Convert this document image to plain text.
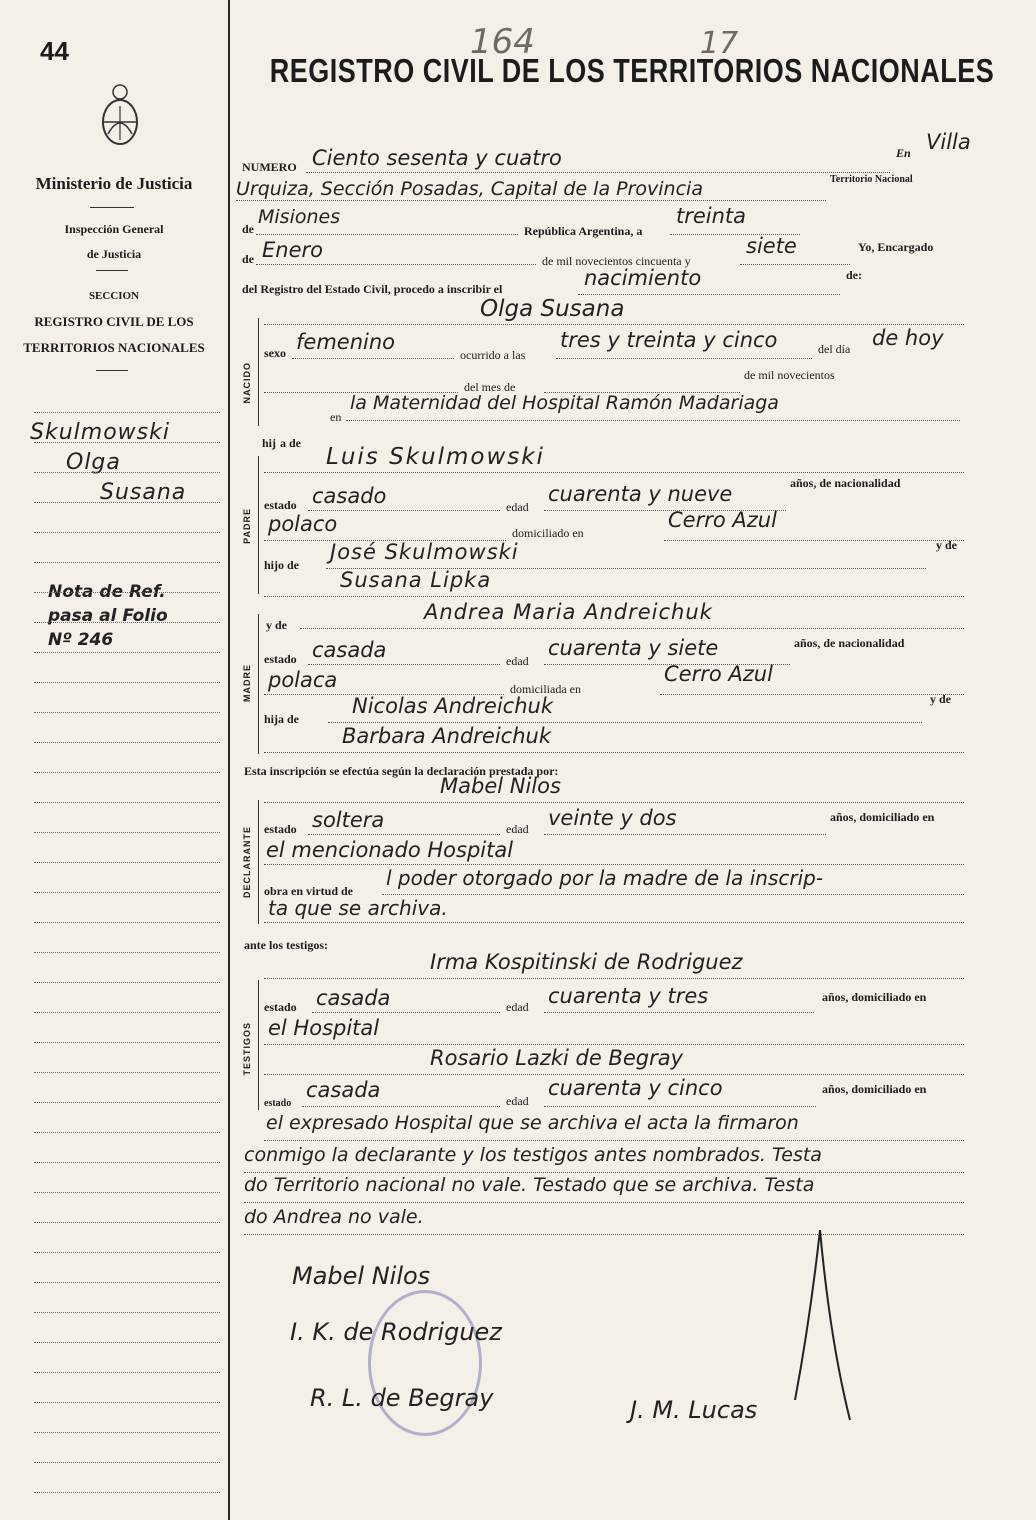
44
Ministerio de Justicia
Inspección General
de Justicia
SECCION
REGISTRO CIVIL DE LOS
TERRITORIOS NACIONALES
Skulmowski
Olga
Susana
Nota de Ref.
pasa al Folio
Nº 246
164	17
REGISTRO CIVIL DE LOS TERRITORIOS NACIONALES
NUMERO Ciento sesenta y cuatro	En Villa
Urquiza, Sección Posadas, Capital de la Provincia	Territorio Nacional
de
Misiones
República Argentina, a
treinta
de Enero	de mil novecientos cincuenta y
siete	Yo, Encargado
del Registro del Estado Civil, procedo a inscribir el	nacimiento	de:
NACIDO
Olga Susana
sexo femenino
ocurrido a las
tres y treinta y cinco	del día de hoy
del mes de
de mil novecientos
en
la Maternidad del Hospital Ramón Madariaga
hij a de
PADRE
Luis Skulmowski
estado casado	edad
cuarenta y nueve	años, de nacionalidad
polaco	domiciliado en
Cerro Azul
hijo de
José Skulmowski	y de
Susana Lipka
MADRE
y de
Andrea Maria Andreichuk
estado casada	edad
cuarenta y siete	años, de nacionalidad
polaca	domiciliada en
Cerro Azul
hija de
Nicolas Andreichuk	y de
Barbara Andreichuk
Esta inscripción se efectúa según la declaración prestada por:
DECLARANTE
Mabel Nilos
estado soltera	edad veinte y dos	años, domiciliado en
el mencionado Hospital
obra en virtud de
l poder otorgado por la madre de la inscrip-
ta que se archiva.
ante los testigos:
TESTIGOS
Irma Kospitinski de Rodriguez
estado casada	edad cuarenta y tres	años, domiciliado en
el Hospital
Rosario Lazki de Begray
estado
casada	edad
cuarenta y cinco	años, domiciliado en
el expresado Hospital que se archiva el acta la firmaron
conmigo la declarante y los testigos antes nombrados. Testa
do Territorio nacional no vale. Testado que se archiva. Testa
do Andrea no vale.
Mabel Nilos
I. K. de Rodriguez
R. L. de Begray	J. M. Lucas
